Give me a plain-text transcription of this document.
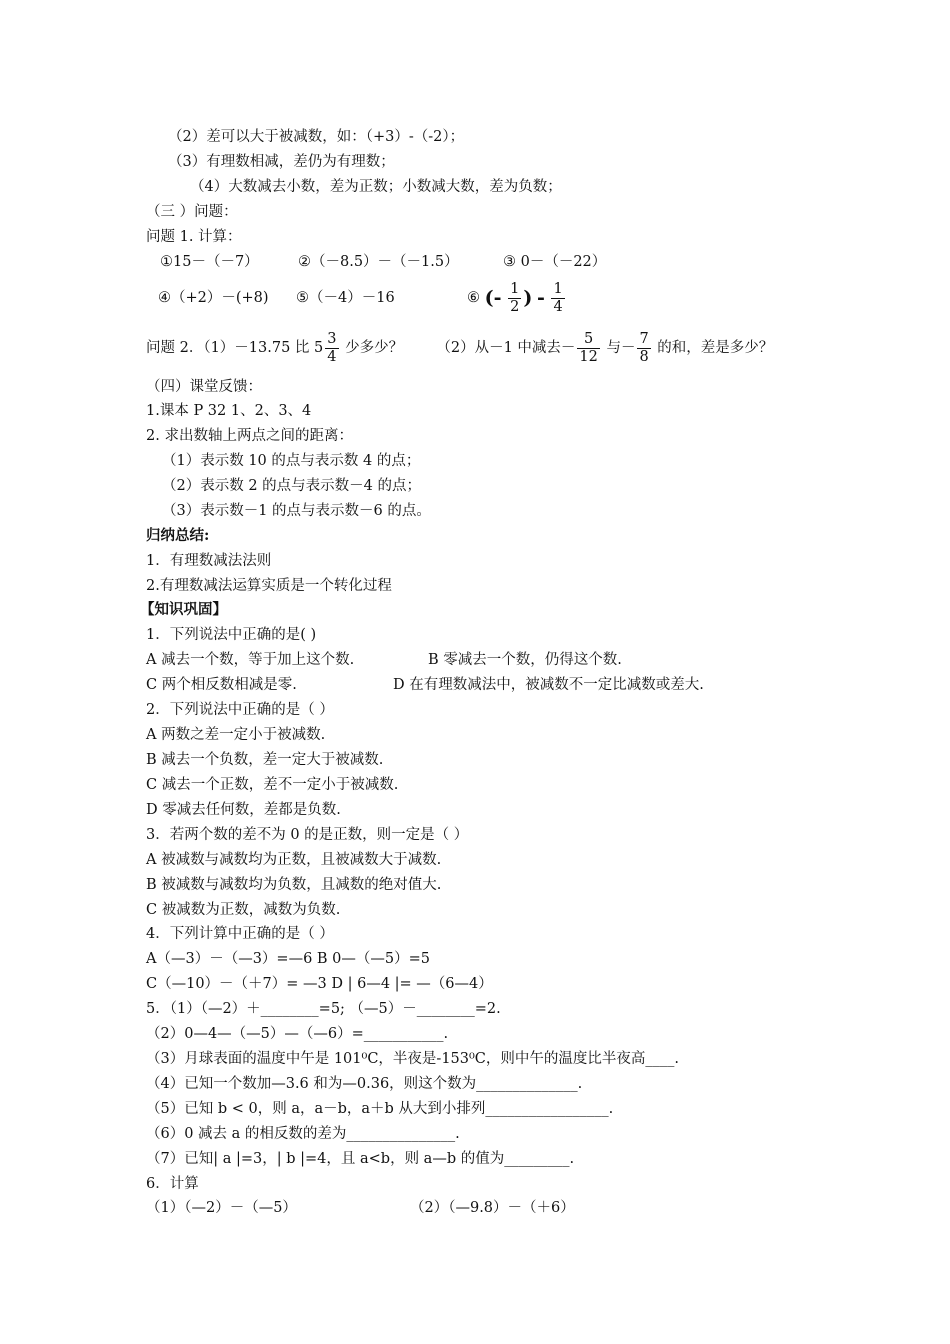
（2）差可以大于被减数，如：（+3）-（-2）；
（3）有理数相减，差仍为有理数；
（4）大数减去小数，差为正数；小数减大数，差为负数；
（三 ）问题：
问题 1. 计算：
①15－（－7）	②（－8.5）－（－1.5）	③ 0－（－22）
④（+2）－(+8) ⑤（－4）－16	⑥ (- $\frac{1}{2}$ ) - $\frac{1}{4}$
问题 2．（1）－13.75 比 $5 \frac{3}{4}$ 少多少？ （2）从－1 中减去－ $\frac{5}{12}$ 与－ $\frac{7}{8}$ 的和，差是多少？
（四）课堂反馈：
1.课本 P 32 1、2、3、4
2. 求出数轴上两点之间的距离：
（1）表示数 10 的点与表示数 4 的点；
（2）表示数 2 的点与表示数－4 的点；
（3）表示数－1 的点与表示数－6 的点。
归纳总结:
1．有理数减法法则
2.有理数减法运算实质是一个转化过程
【知识巩固】
1．下列说法中正确的是( )
A 减去一个数，等于加上这个数.	B 零减去一个数，仍得这个数.
C 两个相反数相减是零.	D 在有理数减法中，被减数不一定比减数或差大.
2．下列说法中正确的是（ ）
A 两数之差一定小于被减数.
B 减去一个负数，差一定大于被减数.
C 减去一个正数，差不一定小于被减数.
D 零减去任何数，差都是负数.
3．若两个数的差不为 0 的是正数，则一定是（ ）
A 被减数与减数均为正数，且被减数大于减数.
B 被减数与减数均为负数，且减数的绝对值大.
C 被减数为正数，减数为负数.
4．下列计算中正确的是（ ）
A（—3）－（—3）=—6 B 0—（—5）=5
C（—10）－（＋7）= —3 D | 6—4 |= —（6—4）
5．（1）（—2）＋________=5; （—5）－________=2.
（2）0—4—（—5）—（—6）=___________.
（3）月球表面的温度中午是 101⁰C，半夜是-153⁰C，则中午的温度比半夜高____.
（4）已知一个数加—3.6 和为—0.36，则这个数为______________.
（5）已知 b < 0，则 a，a－b，a＋b 从大到小排列_________________.
（6）0 减去 a 的相反数的差为_______________.
（7）已知| a |=3，| b |=4，且 a<b，则 a—b 的值为_________.
6．计算
（1）（—2）－（—5）	（2）（—9.8）－（＋6）
